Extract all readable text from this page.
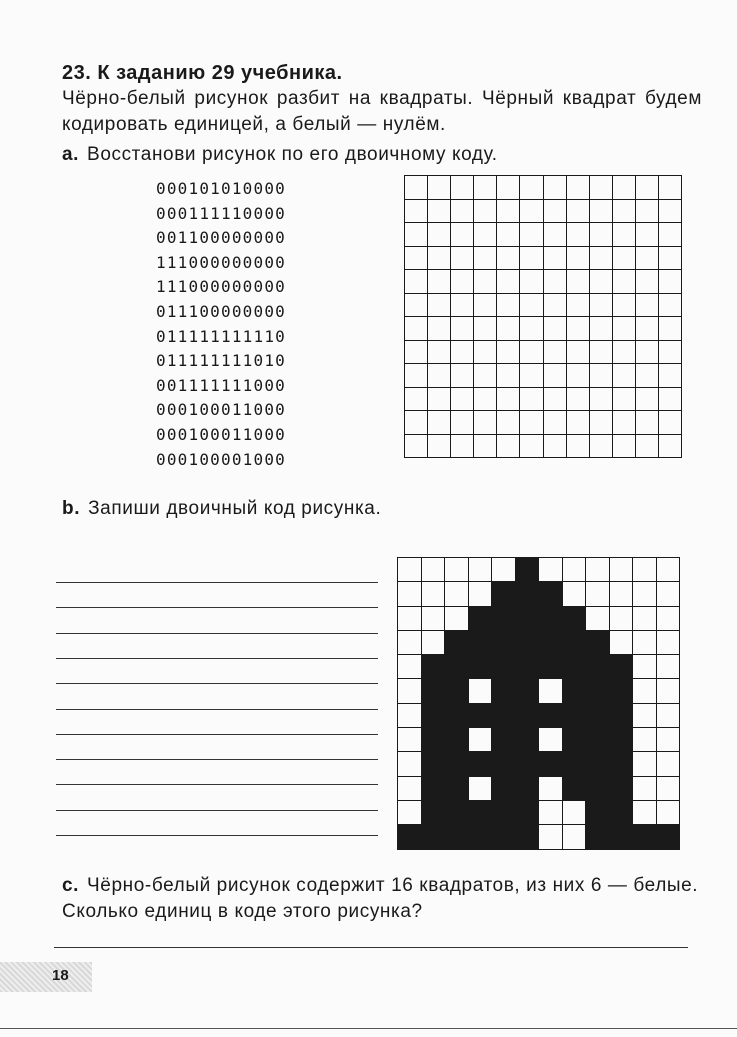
23. К заданию 29 учебника.
Чёрно-белый рисунок разбит на квадраты. Чёрный квадрат будем кодировать единицей, а белый — нулём.
a. Восстанови рисунок по его двоичному коду.
000101010000
000111110000
001100000000
111000000000
111000000000
011100000000
011111111110
011111111010
001111111000
000100011000
000100011000
000100001000

b. Запиши двоичный код рисунка.

c. Чёрно-белый рисунок содержит 16 квадратов, из них 6 — белые. Сколько единиц в коде этого рисунка?
18
